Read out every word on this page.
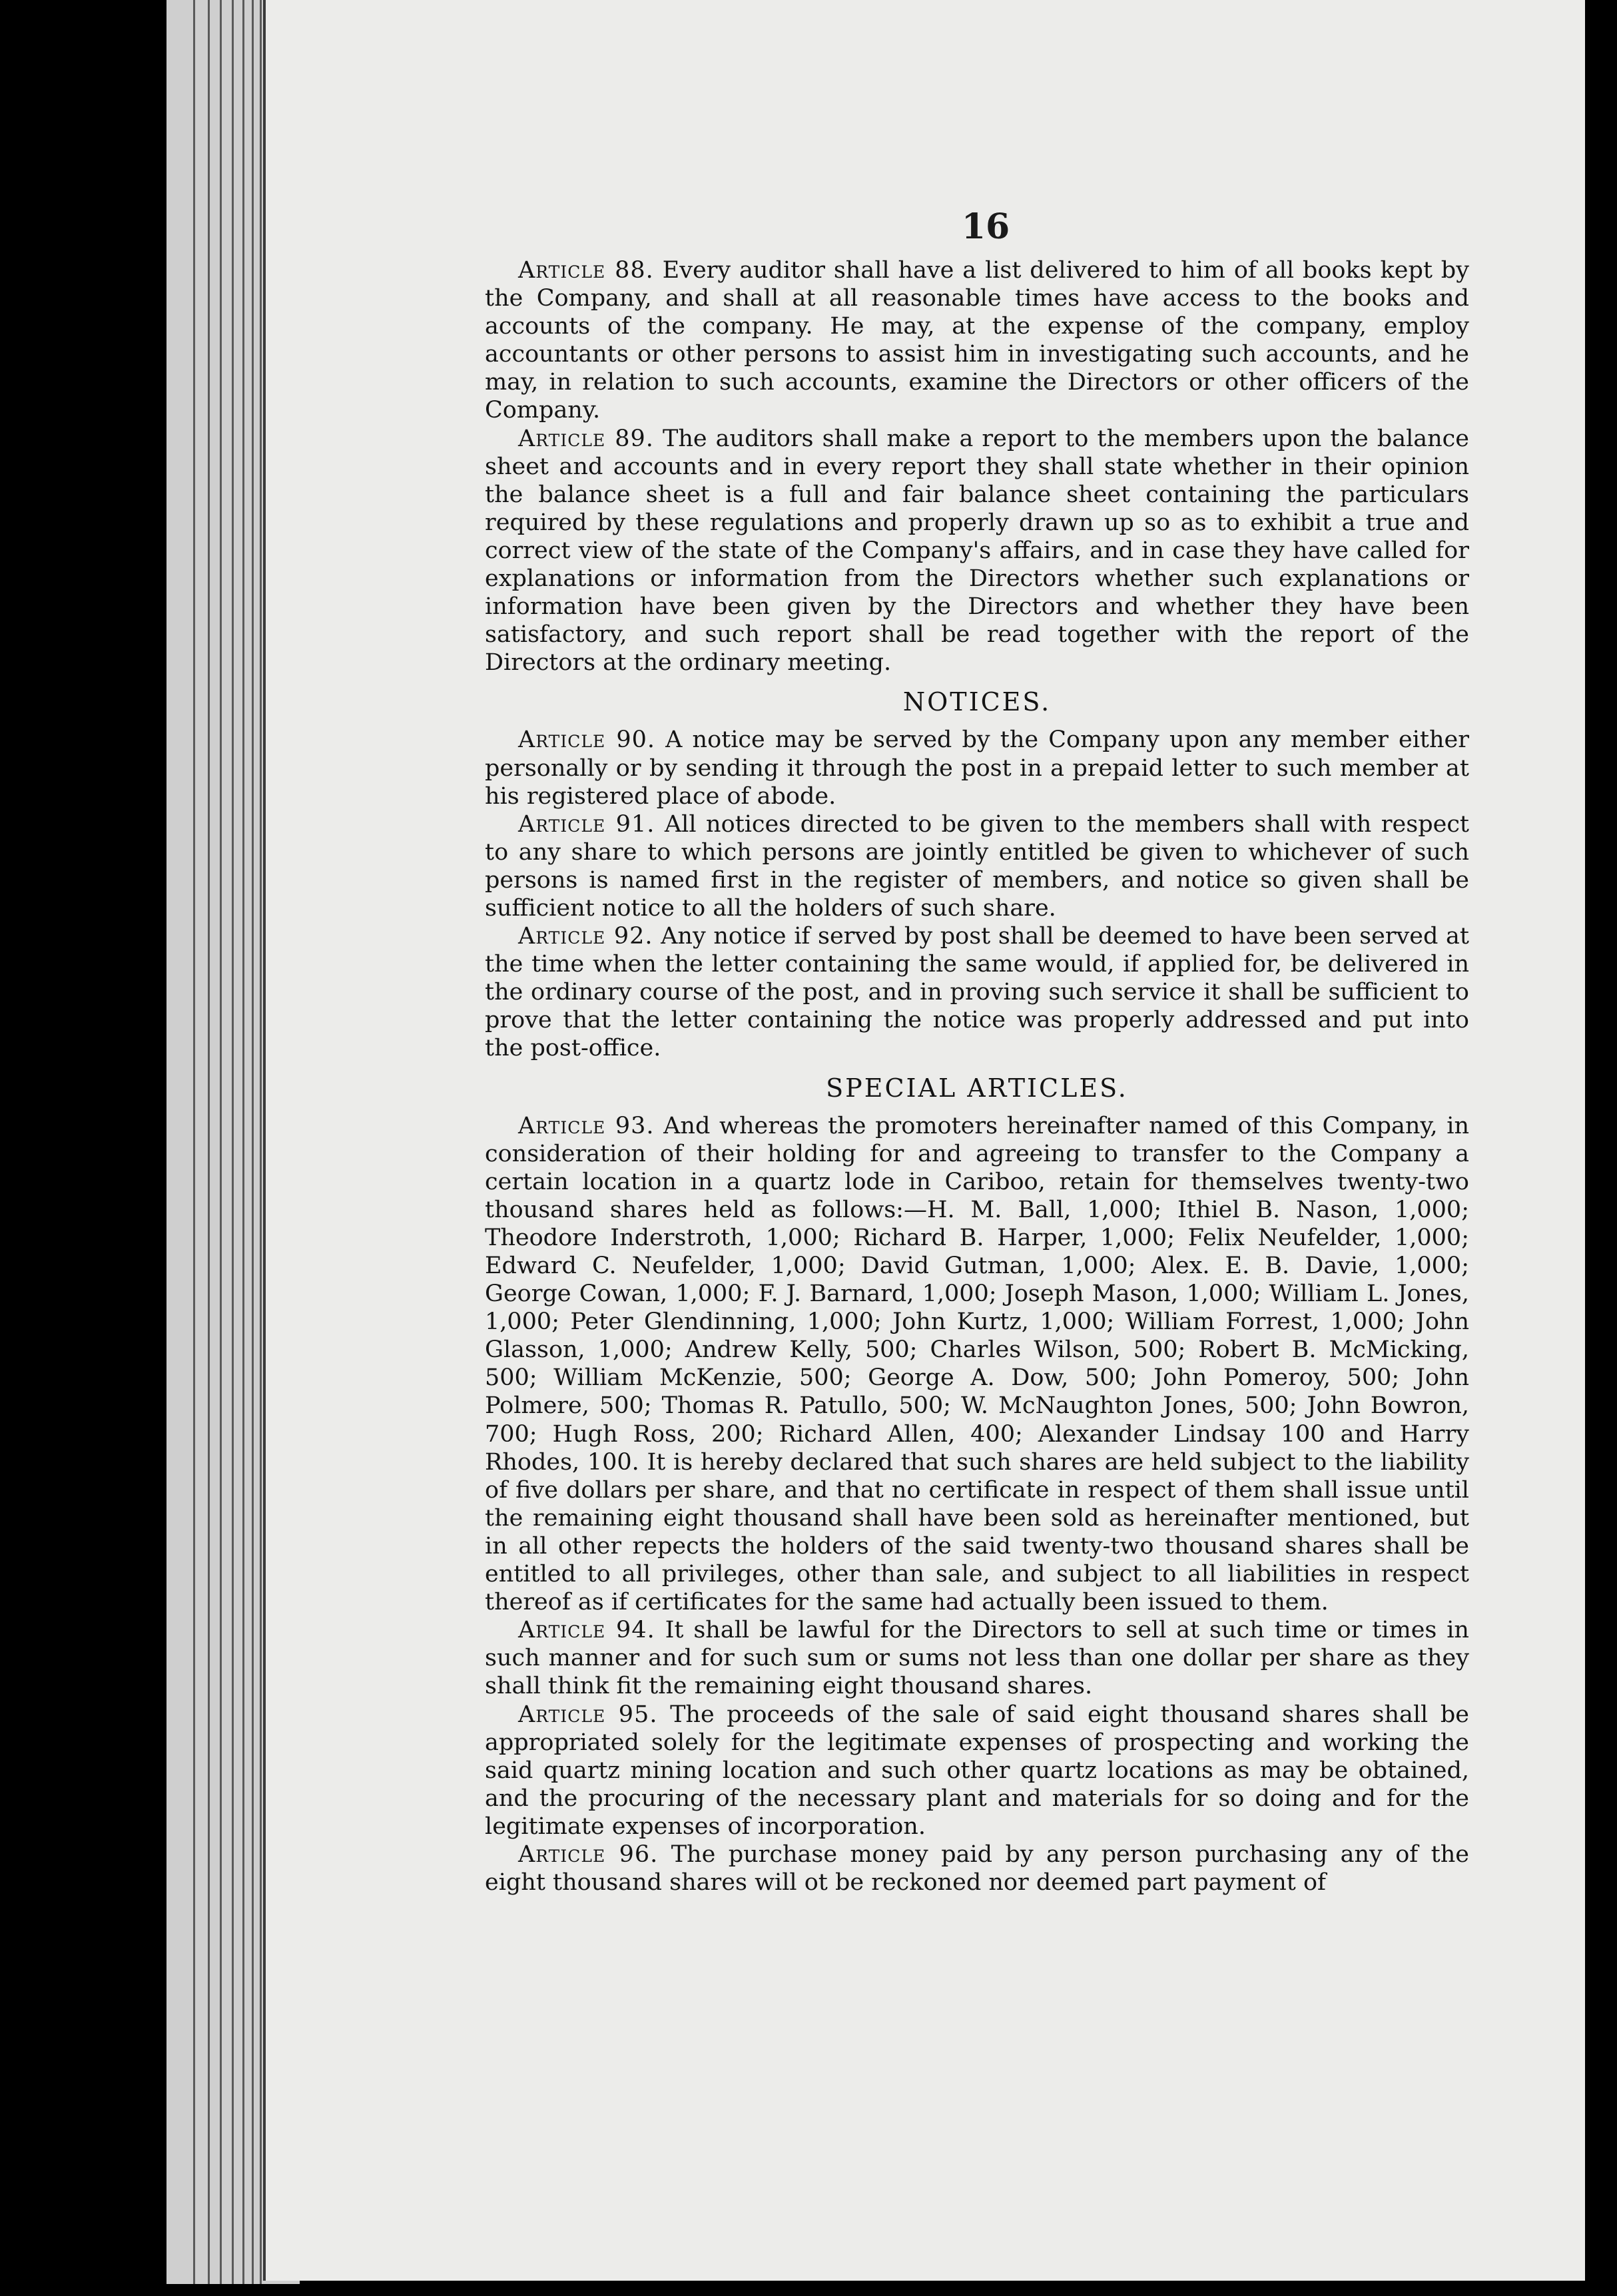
16

Article 88. Every auditor shall have a list delivered to him of all books kept by the Company, and shall at all reasonable times have access to the books and accounts of the company. He may, at the expense of the company, employ accountants or other persons to assist him in investigating such accounts, and he may, in relation to such accounts, examine the Directors or other officers of the Company.

Article 89. The auditors shall make a report to the members upon the balance sheet and accounts and in every report they shall state whether in their opinion the balance sheet is a full and fair balance sheet containing the particulars required by these regulations and properly drawn up so as to exhibit a true and correct view of the state of the Company's affairs, and in case they have called for explanations or information from the Directors whether such explanations or information have been given by the Directors and whether they have been satisfactory, and such report shall be read together with the report of the Directors at the ordinary meeting.

NOTICES.

Article 90. A notice may be served by the Company upon any member either personally or by sending it through the post in a prepaid letter to such member at his registered place of abode.

Article 91. All notices directed to be given to the members shall with respect to any share to which persons are jointly entitled be given to whichever of such persons is named first in the register of members, and notice so given shall be sufficient notice to all the holders of such share.

Article 92. Any notice if served by post shall be deemed to have been served at the time when the letter containing the same would, if applied for, be delivered in the ordinary course of the post, and in proving such service it shall be sufficient to prove that the letter containing the notice was properly addressed and put into the post-office.

SPECIAL ARTICLES.

Article 93. And whereas the promoters hereinafter named of this Company, in consideration of their holding for and agreeing to transfer to the Company a certain location in a quartz lode in Cariboo, retain for themselves twenty-two thousand shares held as follows:—H. M. Ball, 1,000; Ithiel B. Nason, 1,000; Theodore Inderstroth, 1,000; Richard B. Harper, 1,000; Felix Neufelder, 1,000; Edward C. Neufelder, 1,000; David Gutman, 1,000; Alex. E. B. Davie, 1,000; George Cowan, 1,000; F. J. Barnard, 1,000; Joseph Mason, 1,000; William L. Jones, 1,000; Peter Glendinning, 1,000; John Kurtz, 1,000; William Forrest, 1,000; John Glasson, 1,000; Andrew Kelly, 500; Charles Wilson, 500; Robert B. McMicking, 500; William McKenzie, 500; George A. Dow, 500; John Pomeroy, 500; John Polmere, 500; Thomas R. Patullo, 500; W. McNaughton Jones, 500; John Bowron, 700; Hugh Ross, 200; Richard Allen, 400; Alexander Lindsay 100 and Harry Rhodes, 100. It is hereby declared that such shares are held subject to the liability of five dollars per share, and that no certificate in respect of them shall issue until the remaining eight thousand shall have been sold as hereinafter mentioned, but in all other repects the holders of the said twenty-two thousand shares shall be entitled to all privileges, other than sale, and subject to all liabilities in respect thereof as if certificates for the same had actually been issued to them.

Article 94. It shall be lawful for the Directors to sell at such time or times in such manner and for such sum or sums not less than one dollar per share as they shall think fit the remaining eight thousand shares.

Article 95. The proceeds of the sale of said eight thousand shares shall be appropriated solely for the legitimate expenses of prospecting and working the said quartz mining location and such other quartz locations as may be obtained, and the procuring of the necessary plant and materials for so doing and for the legitimate expenses of incorporation.

Article 96. The purchase money paid by any person purchasing any of the eight thousand shares will ot be reckoned nor deemed part payment of
